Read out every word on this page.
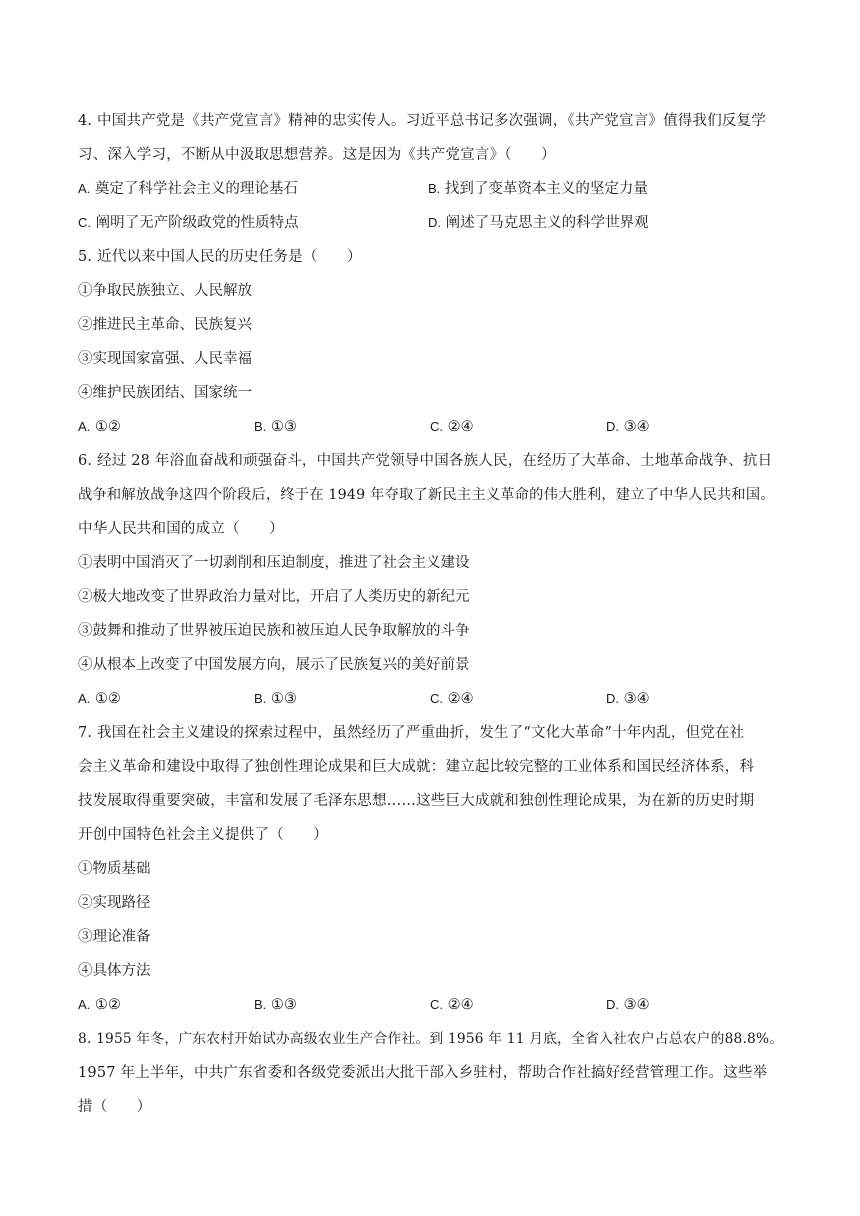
4. 中国共产党是《共产党宣言》精神的忠实传人。习近平总书记多次强调，《共产党宣言》值得我们反复学
习、深入学习，不断从中汲取思想营养。这是因为《共产党宣言》（　　）
A. 奠定了科学社会主义的理论基石	B. 找到了变革资本主义的坚定力量
C. 阐明了无产阶级政党的性质特点	D. 阐述了马克思主义的科学世界观
5. 近代以来中国人民的历史任务是（　　）
①争取民族独立、人民解放
②推进民主革命、民族复兴
③实现国家富强、人民幸福
④维护民族团结、国家统一
A. ①②	B. ①③	C. ②④	D. ③④
6. 经过 28 年浴血奋战和顽强奋斗，中国共产党领导中国各族人民，在经历了大革命、土地革命战争、抗日
战争和解放战争这四个阶段后，终于在 1949 年夺取了新民主主义革命的伟大胜利，建立了中华人民共和国。
中华人民共和国的成立（　　）
①表明中国消灭了一切剥削和压迫制度，推进了社会主义建设
②极大地改变了世界政治力量对比，开启了人类历史的新纪元
③鼓舞和推动了世界被压迫民族和被压迫人民争取解放的斗争
④从根本上改变了中国发展方向，展示了民族复兴的美好前景
A. ①②	B. ①③	C. ②④	D. ③④
7. 我国在社会主义建设的探索过程中，虽然经历了严重曲折，发生了“文化大革命”十年内乱，但党在社
会主义革命和建设中取得了独创性理论成果和巨大成就：建立起比较完整的工业体系和国民经济体系，科
技发展取得重要突破，丰富和发展了毛泽东思想……这些巨大成就和独创性理论成果，为在新的历史时期
开创中国特色社会主义提供了（　　）
①物质基础
②实现路径
③理论准备
④具体方法
A. ①②	B. ①③	C. ②④	D. ③④
8. 1955 年冬，广东农村开始试办高级农业生产合作社。到 1956 年 11 月底，全省入社农户占总农户的88.8%。
1957 年上半年，中共广东省委和各级党委派出大批干部入乡驻村，帮助合作社搞好经营管理工作。这些举
措（　　）
